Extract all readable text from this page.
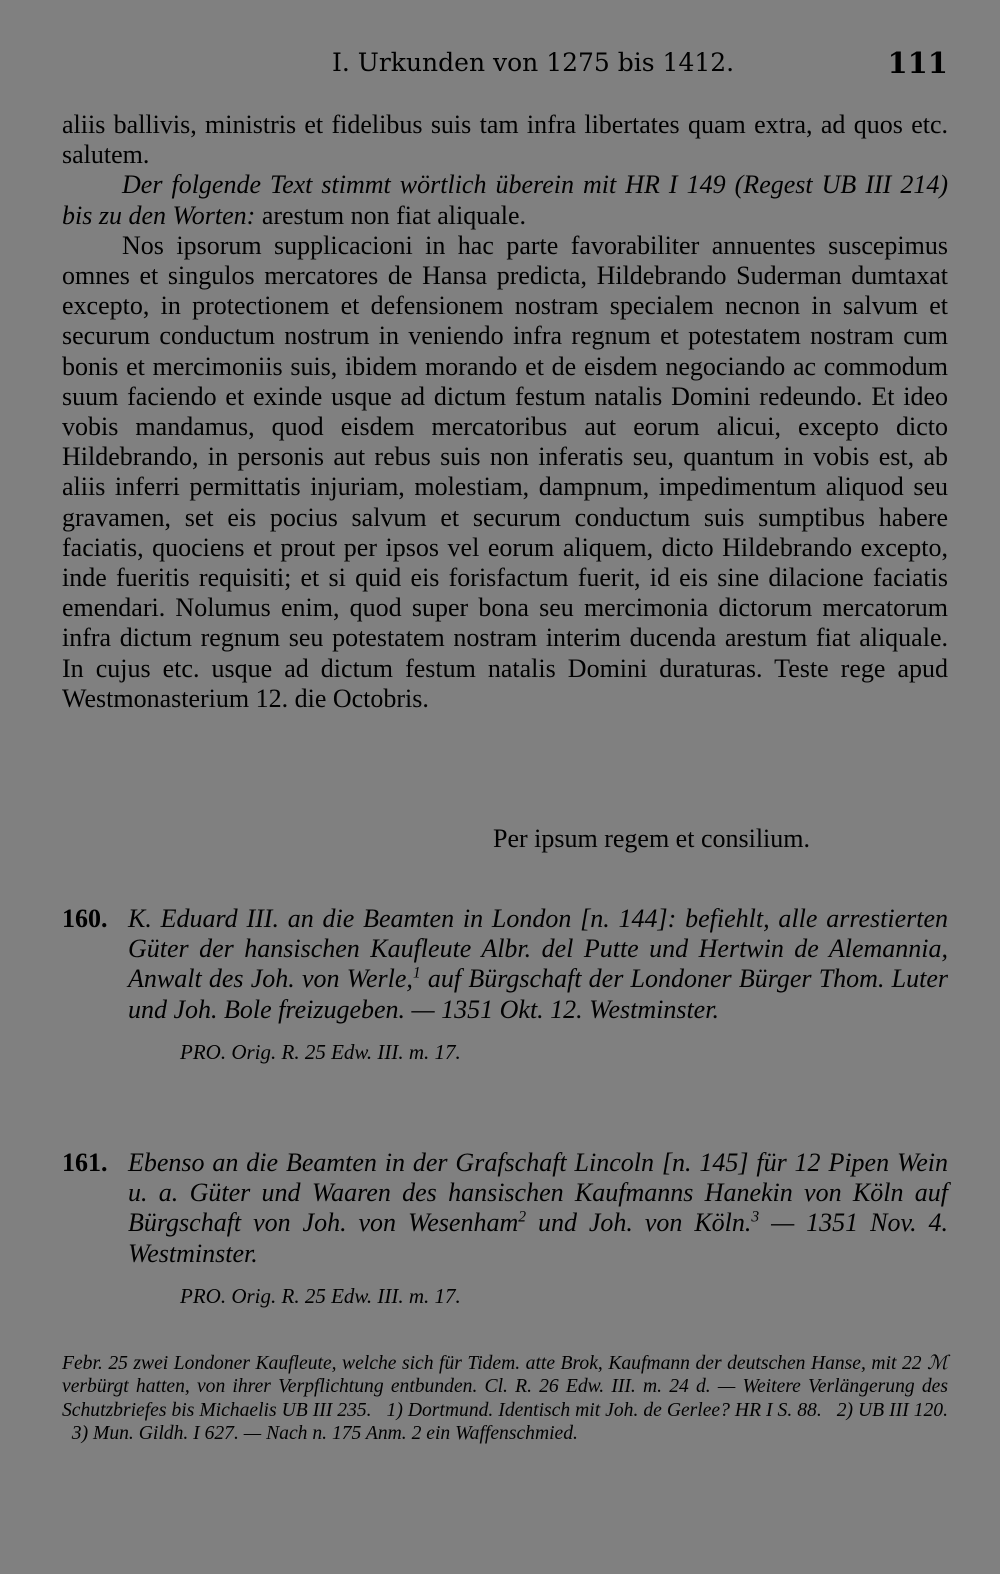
I. Urkunden von 1275 bis 1412.	111

aliis ballivis, ministris et fidelibus suis tam infra libertates quam extra, ad quos etc. salutem.

Der folgende Text stimmt wörtlich überein mit HR I 149 (Regest UB III 214) bis zu den Worten: arestum non fiat aliquale.

Nos ipsorum supplicacioni in hac parte favorabiliter annuentes suscepimus omnes et singulos mercatores de Hansa predicta, Hildebrando Suderman dumtaxat excepto, in protectionem et defensionem nostram specialem necnon in salvum et securum conductum nostrum in veniendo infra regnum et potestatem nostram cum bonis et mercimoniis suis, ibidem morando et de eisdem negociando ac commodum suum faciendo et exinde usque ad dictum festum natalis Domini redeundo. Et ideo vobis mandamus, quod eisdem mercatoribus aut eorum alicui, excepto dicto Hildebrando, in personis aut rebus suis non inferatis seu, quantum in vobis est, ab aliis inferri permittatis injuriam, molestiam, dampnum, impedimentum aliquod seu gravamen, set eis pocius salvum et securum conductum suis sumptibus habere faciatis, quociens et prout per ipsos vel eorum aliquem, dicto Hildebrando excepto, inde fueritis requisiti; et si quid eis forisfactum fuerit, id eis sine dilacione faciatis emendari. Nolumus enim, quod super bona seu mercimonia dictorum mercatorum infra dictum regnum seu potestatem nostram interim ducenda arestum fiat aliquale. In cujus etc. usque ad dictum festum natalis Domini duraturas. Teste rege apud Westmonasterium 12. die Octobris.

Per ipsum regem et consilium.
160. K. Eduard III. an die Beamten in London [n. 144]: befiehlt, alle arrestierten Güter der hansischen Kaufleute Albr. del Putte und Hertwin de Alemannia, Anwalt des Joh. von Werle,$^1$ auf Bürgschaft der Londoner Bürger Thom. Luter und Joh. Bole freizugeben. — 1351 Okt. 12. Westminster.
PRO. Orig. R. 25 Edw. III. m. 17.
161. Ebenso an die Beamten in der Grafschaft Lincoln [n. 145] für 12 Pipen Wein u. a. Güter und Waaren des hansischen Kaufmanns Hanekin von Köln auf Bürgschaft von Joh. von Wesenham$^2$ und Joh. von Köln.$^3$ — 1351 Nov. 4. Westminster.
PRO. Orig. R. 25 Edw. III. m. 17.

Febr. 25 zwei Londoner Kaufleute, welche sich für Tidem. atte Brok, Kaufmann der deutschen Hanse, mit 22 ℳ verbürgt hatten, von ihrer Verpflichtung entbunden. Cl. R. 26 Edw. III. m. 24 d. — Weitere Verlängerung des Schutzbriefes bis Michaelis UB III 235. 1) Dortmund. Identisch mit Joh. de Gerlee? HR I S. 88. 2) UB III 120.   3) Mun. Gildh. I 627. — Nach n. 175 Anm. 2 ein Waffenschmied.
